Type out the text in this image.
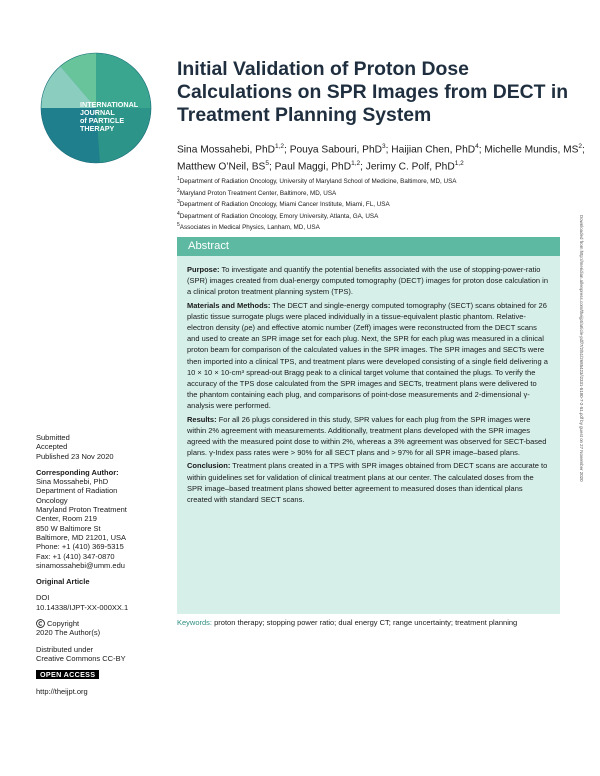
INTERNATIONAL
JOURNAL
of PARTICLE
THERAPY
Initial Validation of Proton Dose Calculations on SPR Images from DECT in Treatment Planning System

Sina Mossahebi, PhD$^{1,2}$; Pouya Sabouri, PhD$^3$; Haijian Chen, PhD$^4$; Michelle Mundis, $MS^2$; Matthew O’Neil, $BS^5$; Paul Maggi, PhD$^{1,2}$; Jerimy C. Polf, PhD$^{1,2}$

$^1$Department of Radiation Oncology, University of Maryland School of Medicine, Baltimore, MD, USA
$^2$Maryland Proton Treatment Center, Baltimore, MD, USA
$^3$Department of Radiation Oncology, Miami Cancer Institute, Miami, FL, USA
$^4$Department of Radiation Oncology, Emory University, Atlanta, GA, USA
$^5$Associates in Medical Physics, Lanham, MD, USA	Downloaded from http://meridian.allenpress.com/theijpt/article-pdf/7/2/51/2685423/i2331-5180-7-2-51.pdf by guest on 27 November 2020
Abstract

Purpose: To investigate and quantify the potential benefits associated with the use of stopping-power-ratio (SPR) images created from dual-energy computed tomography (DECT) images for proton dose calculation in a clinical proton treatment planning system (TPS).

Materials and Methods: The DECT and single-energy computed tomography (SECT) scans obtained for 26 plastic tissue surrogate plugs were placed individually in a tissue-equivalent plastic phantom. Relative-electron density (ρe) and effective atomic number (Zeff) images were reconstructed from the DECT scans and used to create an SPR image set for each plug. Next, the SPR for each plug was measured in a clinical proton beam for comparison of the calculated values in the SPR images. The SPR images and SECTs were then imported into a clinical TPS, and treatment plans were developed consisting of a single field delivering a 10 × 10 × 10-cm³ spread-out Bragg peak to a clinical target volume that contained the plugs. To verify the accuracy of the TPS dose calculated from the SPR images and SECTs, treatment plans were delivered to the phantom containing each plug, and comparisons of point-dose measurements and 2-dimensional γ-analysis were performed.

Results: For all 26 plugs considered in this study, SPR values for each plug from the SPR images were within 2% agreement with measurements. Additionally, treatment plans developed with the SPR images agreed with the measured point dose to within 2%, whereas a 3% agreement was observed for SECT-based plans. γ-Index pass rates were > 90% for all SECT plans and > 97% for all SPR image–based plans.

Conclusion: Treatment plans created in a TPS with SPR images obtained from DECT scans are accurate to within guidelines set for validation of clinical treatment plans at our center. The calculated doses from the SPR image–based treatment plans showed better agreement to measured doses than identical plans created with standard SECT scans.

Keywords: proton therapy; stopping power ratio; dual energy CT; range uncertainty; treatment planning

Submitted
Accepted
Published 23 Nov 2020
Corresponding Author:
Sina Mossahebi, PhD
Department of Radiation
Oncology
Maryland Proton Treatment
Center, Room 219
850 W Baltimore St
Baltimore, MD 21201, USA
Phone: +1 (410) 369-5315
Fax: +1 (410) 347-0870
sinamossahebi@umm.edu
Original Article
DOI
10.14338/IJPT-XX-000XX.1
Copyright
2020 The Author(s)
Distributed under
Creative Commons CC-BY
OPEN ACCESS
http://theijpt.org
